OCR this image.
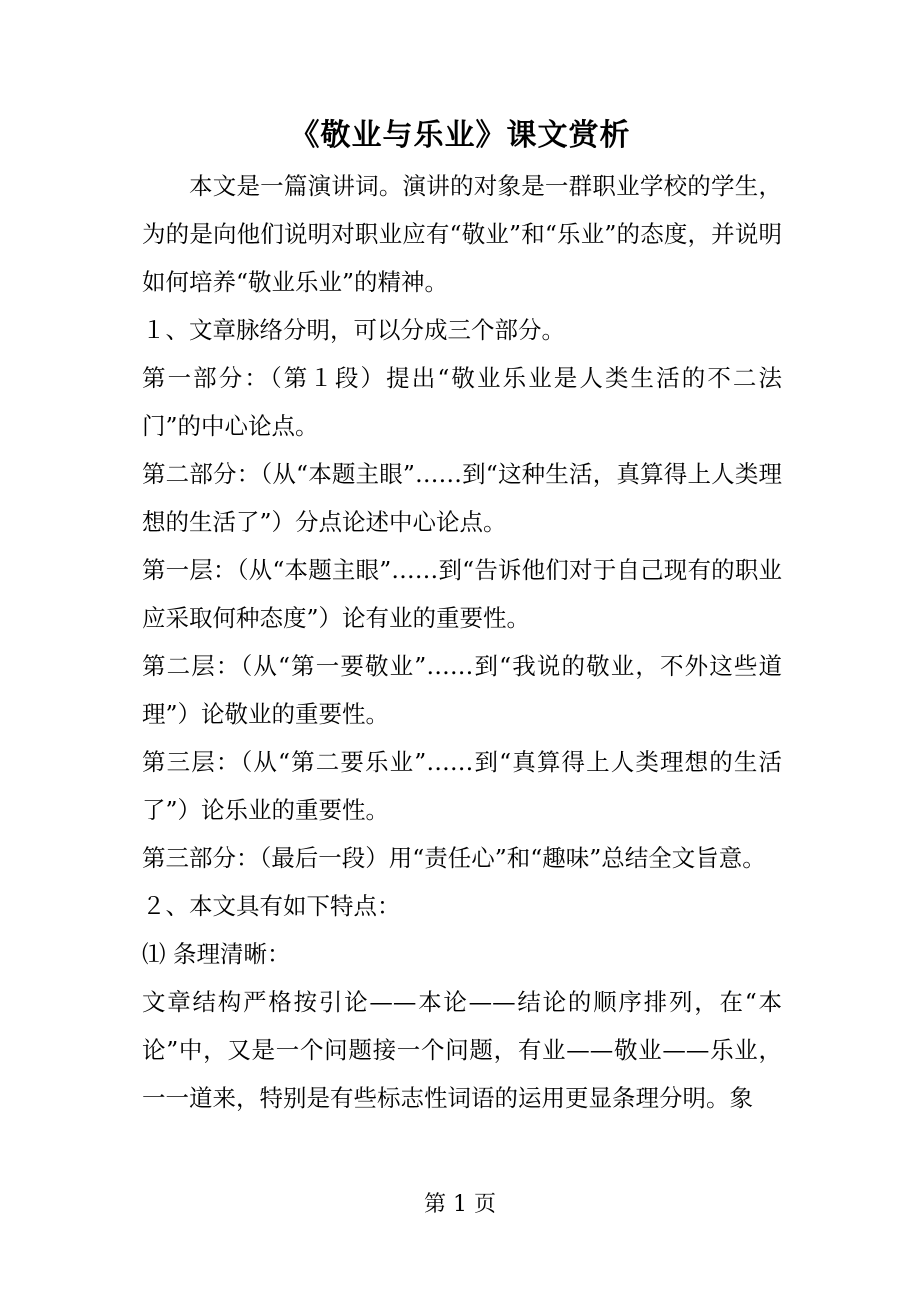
《敬业与乐业》课文赏析

本文是一篇演讲词。演讲的对象是一群职业学校的学生，为的是向他们说明对职业应有“敬业”和“乐业”的态度，并说明如何培养“敬业乐业”的精神。

１、文章脉络分明，可以分成三个部分。

第一部分：（第１段）提出“敬业乐业是人类生活的不二法门”的中心论点。

第二部分：（从“本题主眼”……到“这种生活，真算得上人类理想的生活了”）分点论述中心论点。

第一层：（从“本题主眼”……到“告诉他们对于自己现有的职业应采取何种态度”）论有业的重要性。

第二层：（从“第一要敬业”……到“我说的敬业，不外这些道理”）论敬业的重要性。

第三层：（从“第二要乐业”……到“真算得上人类理想的生活了”）论乐业的重要性。

第三部分：（最后一段）用“责任心”和“趣味”总结全文旨意。

２、本文具有如下特点：

⑴ 条理清晰：

文章结构严格按引论——本论——结论的顺序排列，在“本论”中，又是一个问题接一个问题，有业——敬业——乐业，一一道来，特别是有些标志性词语的运用更显条理分明。象

第 1 页
